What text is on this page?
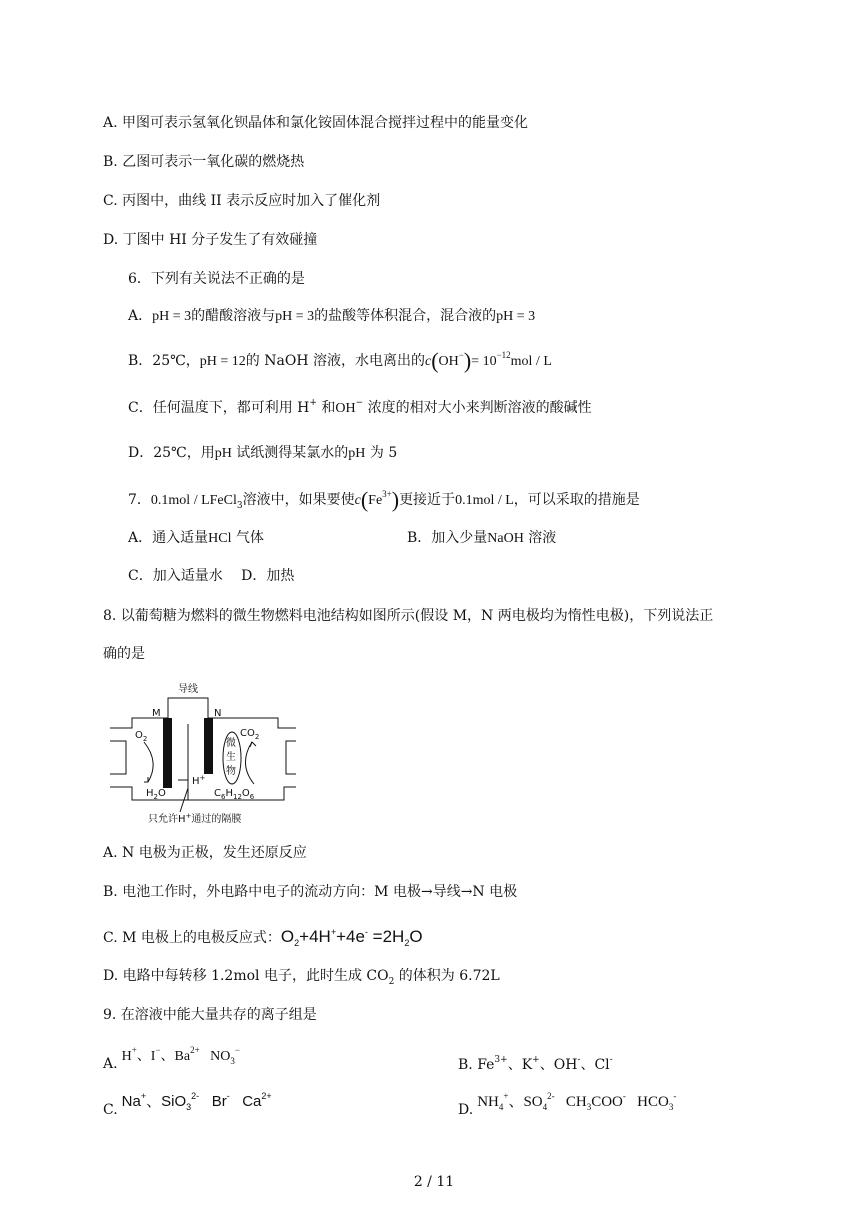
A. 甲图可表示氢氧化钡晶体和氯化铵固体混合搅拌过程中的能量变化
B. 乙图可表示一氧化碳的燃烧热
C. 丙图中，曲线 II 表示反应时加入了催化剂
D. 丁图中 HI 分子发生了有效碰撞
6．下列有关说法不正确的是
A．pH = 3的醋酸溶液与pH = 3的盐酸等体积混合，混合液的pH = 3
B．25℃，pH = 12的 NaOH 溶液，水电离出的$c(OH^-)= 10^{-12}mol / L$
C．任何温度下，都可利用 H+ 和OH− 浓度的相对大小来判断溶液的酸碱性
D．25℃，用pH 试纸测得某氯水的pH 为 5
7．0.1mol / LFeCl$_3$溶液中，如果要使$c(Fe^{3+})$更接近于0.1mol / L，可以采取的措施是
A．通入适量HCl 气体	B．加入少量NaOH 溶液
C．加入适量水　 D．加热
8. 以葡萄糖为燃料的微生物燃料电池结构如图所示(假设 M，N 两电极均为惰性电极)，下列说法正
确的是
导线
M	N
$O_2$	$CO_2$
微
生
物
H+
$H_2O$	$C_6H_{12}O_6$
只允许H+通过的隔膜
A. N 电极为正极，发生还原反应
B. 电池工作时，外电路中电子的流动方向：M 电极→导线→N 电极
C. M 电极上的电极反应式：$O_2+4H^++4e^- =2H_2O$
D. 电路中每转移 1.2mol 电子，此时生成 $CO_2$ 的体积为 6.72L
9. 在溶液中能大量共存的离子组是
A. H+、I−、$Ba^{2+}$ $NO_3^-$
B. $Fe^{3+}$、K+、OH-、Cl-
C. Na+、SiO$_3^{2-}$ Br- $Ca^{2+}$
D. $NH_4^+$、$SO_4^{2-}$ $CH_3COO^-$ $HCO_3^-$
2 / 11
